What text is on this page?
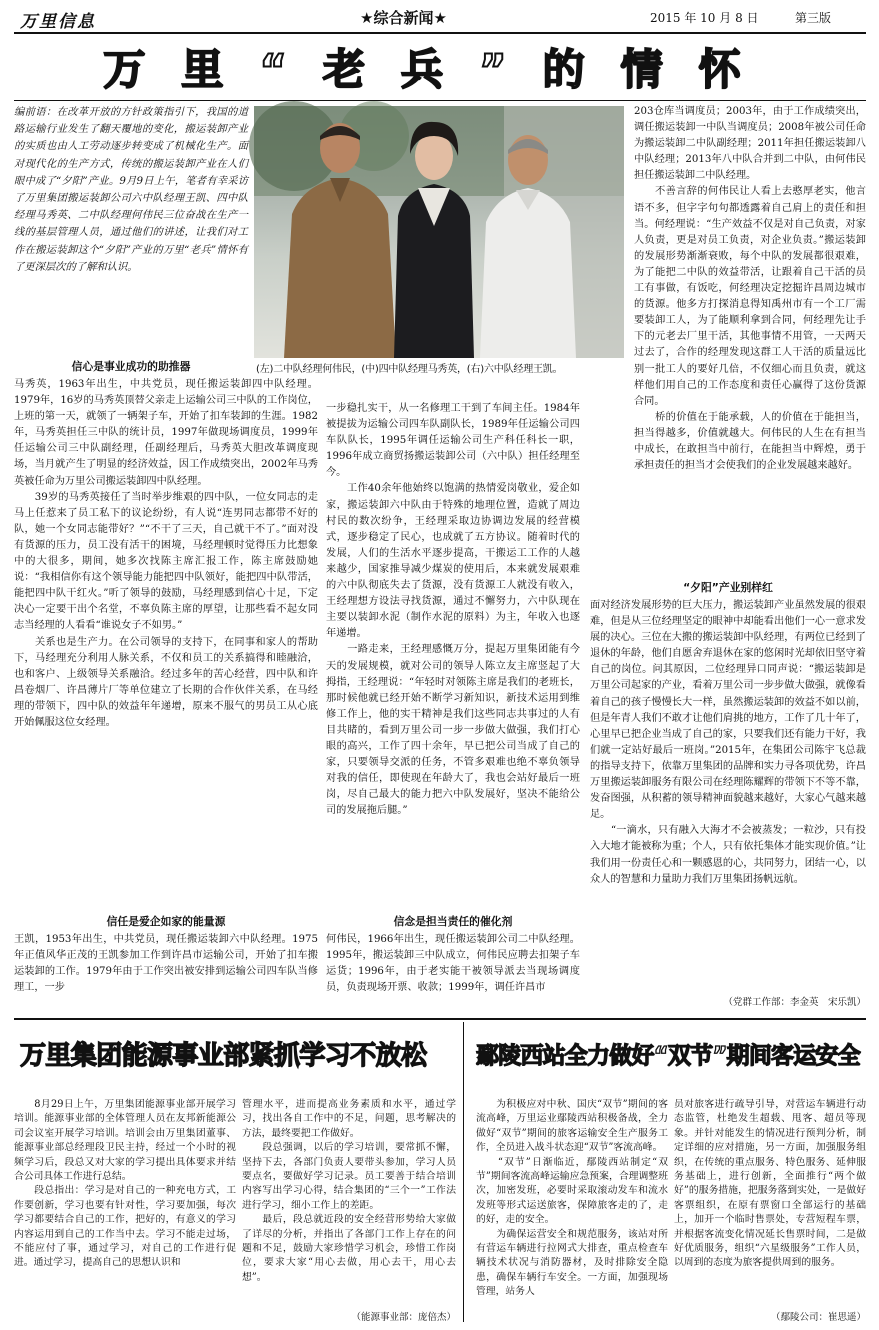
万里信息	★综合新闻★	2015 年 10 月 8 日	第三版
万里“老兵”的情怀
编前语：在改革开放的方针政策指引下，我国的道路运输行业发生了翻天覆地的变化，搬运装卸产业的实质也由人工劳动逐步转变成了机械化生产。面对现代化的生产方式，传统的搬运装卸产业在人们眼中成了“夕阳”产业。9月9日上午，笔者有幸采访了万里集团搬运装卸公司六中队经理王凯、四中队经理马秀英、二中队经理何伟民三位奋战在生产一线的基层管理人员，通过他们的讲述，让我们对工作在搬运装卸这个“夕阳”产业的万里“老兵”情怀有了更深层次的了解和认识。
(左)二中队经理何伟民，(中)四中队经理马秀英，(右)六中队经理王凯。
信心是事业成功的助推器
马秀英，1963年出生，中共党员，现任搬运装卸四中队经理。1979年，16岁的马秀英顶替父亲走上运输公司三中队的工作岗位，上班的第一天，就领了一辆架子车，开始了扣车装卸的生涯。1982年，马秀英担任三中队的统计员，1997年做现场调度员，1999年任运输公司三中队副经理，任副经理后，马秀英大胆改革调度现场，当月就产生了明显的经济效益，因工作成绩突出，2002年马秀英被任命为万里公司搬运装卸四中队经理。
　　39岁的马秀英接任了当时举步维艰的四中队，一位女同志的走马上任惹来了员工私下的议论纷纷，有人说“连男同志都带不好的队，她一个女同志能带好？”“不干了三天，自己就干不了。”面对没有货源的压力，员工没有活干的困境，马经理顿时觉得压力比想象中的大很多，期间，她多次找陈主席汇报工作，陈主席鼓励她说：“我相信你有这个领导能力能把四中队领好，能把四中队带活，能把四中队干红火。”听了领导的鼓励，马经理感到信心十足，下定决心一定要干出个名堂，不辜负陈主席的厚望，让那些看不起女同志当经理的人看看“谁说女子不如男。”
　　关系也是生产力。在公司领导的支持下，在同事和家人的帮助下，马经理充分利用人脉关系，不仅和员工的关系搞得和睦融洽，也和客户、上级领导关系融洽。经过多年的苦心经营，四中队和许昌卷烟厂、许昌薄片厂等单位建立了长期的合作伙伴关系，在马经理的带领下，四中队的效益年年递增，原来不服气的男员工从心底开始佩服这位女经理。
信任是爱企如家的能量源
王凯，1953年出生，中共党员，现任搬运装卸六中队经理。1975年正值风华正茂的王凯参加工作到许昌市运输公司，开始了扣车搬运装卸的工作。1979年由于工作突出被安排到运输公司四车队当修理工，一步
一步稳扎实干，从一名修理工干到了车间主任。1984年被提拔为运输公司四车队副队长，1989年任运输公司四车队队长，1995年调任运输公司生产科任科长一职，1996年成立商贸扬搬运装卸公司（六中队）担任经理至今。
　　工作40余年他始终以饱满的热情爱岗敬业，爱企如家，搬运装卸六中队由于特殊的地理位置，造就了周边村民的数次纷争，王经理采取边协调边发展的经营模式，逐步稳定了民心，也成就了五方协议。随着时代的发展，人们的生活水平逐步提高，干搬运工工作的人越来越少，国家推导减少煤炭的使用后，本来就发展艰难的六中队彻底失去了货源，没有货源工人就没有收入，王经理想方设法寻找货源，通过不懈努力，六中队现在主要以装卸水泥（制作水泥的原料）为主，年收入也逐年递增。
　　一路走来，王经理感慨万分，提起万里集团能有今天的发展规模，就对公司的领导人陈立友主席竖起了大拇指，王经理说：“年轻时对领陈主席是我们的老班长，那时候他就已经开始不断学习新知识，新技术运用到维修工作上，他的实干精神是我们这些同志共事过的人有目共睹的，看到万里公司一步一步做大做强，我们打心眼的高兴，工作了四十余年，早已把公司当成了自己的家，只要领导交派的任务，不管多艰难也绝不辜负领导对我的信任，即使现在年龄大了，我也会站好最后一班岗，尽自己最大的能力把六中队发展好，坚决不能给公司的发展拖后腿。”
信念是担当责任的催化剂
何伟民，1966年出生，现任搬运装卸公司二中队经理。1995年，搬运装卸三中队成立，何伟民应聘去扣架子车运货；1996年，由于老实能干被领导派去当现场调度员，负责现场开票、收款；1999年，调任许昌市
203仓库当调度员；2003年，由于工作成绩突出，调任搬运装卸一中队当调度员；2008年被公司任命为搬运装卸二中队副经理；2011年担任搬运装卸八中队经理；2013年八中队合并到二中队，由何伟民担任搬运装卸二中队经理。
　　不善言辞的何伟民让人看上去憨厚老实，他言语不多，但字字句句都透露着自己肩上的责任和担当。何经理说：“生产效益不仅是对自己负责，对家人负责，更是对员工负责，对企业负责。”搬运装卸的发展形势渐渐衰败，每个中队的发展都很艰难，为了能把二中队的效益带活，让跟着自己干活的员工有事做，有饭吃，何经理决定挖掘许昌周边城市的货源。他多方打探消息得知禹州市有一个工厂需要装卸工人，为了能顺利拿到合同，何经理先让手下的元老去厂里干活，其他事情不用管，一天两天过去了，合作的经理发现这群工人干活的质量远比别一批工人的要好几倍，不仅细心而且负责，就这样他们用自己的工作态度和责任心赢得了这份货源合同。
　　桥的价值在于能承载，人的价值在于能担当，担当得越多，价值就越大。何伟民的人生在有担当中成长，在敢担当中前行，在能担当中辉煌，勇于承担责任的担当才会使我们的企业发展越来越好。
“夕阳”产业别样红
面对经济发展形势的巨大压力，搬运装卸产业虽然发展的很艰难，但是从三位经理坚定的眼神中却能看出他们一心一意求发展的决心。三位在大搬的搬运装卸中队经理，有两位已经到了退休的年龄，他们自愿舍弃退休在家的悠闲时光却依旧坚守着自己的岗位。问其原因，二位经理异口同声说：“搬运装卸是万里公司起家的产业，看着万里公司一步步做大做强，就像看着自己的孩子慢慢长大一样，虽然搬运装卸的效益不如以前，但是年青人我们不敢才让他们肩挑的地方，工作了几十年了，心里早已把企业当成了自己的家，只要我们还有能力干好，我们就一定站好最后一班岗。”2015年，在集团公司陈宇飞总裁的指导支持下，依靠万里集团的品牌和实力寻各项优势，许昌万里搬运装卸服务有限公司在经理陈耀辉的带领下不等不靠，发奋图强，从积蓄的领导精神面貌越来越好，大家心气越来越足。
　　“一滴水，只有融入大海才不会被蒸发；一粒沙，只有投入大地才能被称为重；个人，只有依托集体才能实现价值。”让我们用一份责任心和一颗感恩的心，共同努力，团结一心，以众人的智慧和力量助力我们万里集团扬帆远航。
（党群工作部：李金英　宋乐凯）
万里集团能源事业部紧抓学习不放松
　　8月29日上午，万里集团能源事业部开展学习培训。能源事业部的全体管理人员在友邦新能源公司会议室开展学习培训。培训会由万里集团董事、能源事业部总经理段卫民主持，经过一个小时的视频学习后，段总又对大家的学习提出具体要求并结合公司具体工作进行总结。
　　段总指出：学习是对自己的一种充电方式，工作要创新，学习也要有针对性，学习要加强，每次学习都要结合自己的工作，把好的，有意义的学习内容运用到自己的工作当中去。学习不能走过场，不能应付了事，通过学习，对自己的工作进行促进。通过学习，提高自己的思想认识和
管理水平，进而提高业务素质和水平，通过学习，找出各自工作中的不足，问题，思考解决的方法，最终要把工作做好。
　　段总强调，以后的学习培训，要常抓不懈，坚持下去，各部门负责人要带头参加，学习人员要点名，要做好学习记录。员工要善于结合培训内容写出学习心得，结合集团的“三个一”工作法进行学习，细小工作上的差距。
　　最后，段总就近段的安全经营形势给大家做了详尽的分析，并指出了各部门工作上存在的问题和不足，鼓励大家珍惜学习机会，珍惜工作岗位，要求大家“用心去做，用心去干，用心去想”。
（能源事业部：庞倍杰）
鄢陵西站全力做好“双节”期间客运安全
　　为积极应对中秋、国庆“双节”期间的客流高峰，万里运业鄢陵西站积极备战，全力做好“双节”期间的旅客运输安全生产服务工作，全员进入战斗状态迎“双节”客流高峰。
　　“双节”日渐临近，鄢陵西站制定“双节”期间客流高峰运输应急预案，合理调整班次，加密发班，必要时采取滚动发车和流水发班等形式运送旅客，保障旅客走的了，走的好，走的安全。
　　为确保运营安全和规范服务，该站对所有营运车辆进行拉网式大排查，重点检查车辆技术状况与消防器材，及时排除安全隐患，确保车辆行车安全。一方面，加强现场管理，站务人
员对旅客进行疏导引导，对营运车辆进行动态监管，杜绝发生超载、甩客、超员等现象。并针对能发生的情况进行预判分析，制定详细的应对措施，另一方面，加强服务组织，在传统的重点服务、特色服务、延伸服务基础上，进行创新，全面推行“两个做好”的服务措施，把服务落到实处，一是做好客票组织，在原有票窗口全部运行的基础上，加开一个临时售票处，专营短程车票，并根据客流变化情况延长售票时间，二是做好优质服务，组织“六星级服务”工作人员，以周到的态度为旅客提供周到的服务。
（鄢陵公司：崔思遥）
